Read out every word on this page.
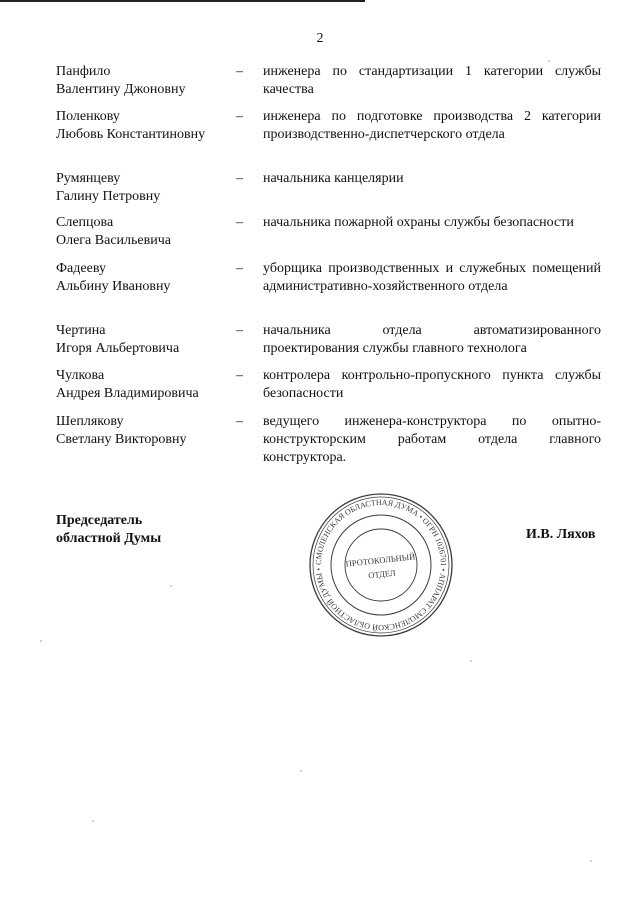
2
Панфило
Валентину Джоновну
– инженера по стандартизации 1 категории службы качества
Поленкову
Любовь Константиновну
– инженера по подготовке производства 2 категории производственно-диспетчерского отдела
Румянцеву
Галину Петровну
– начальника канцелярии
Слепцова
Олега Васильевича
– начальника пожарной охраны службы безопасности
Фадееву
Альбину Ивановну
– уборщика производственных и служебных помещений административно-хозяйственного отдела
Чертина
Игоря Альбертовича
– начальника отдела автоматизированного проектирования службы главного технолога
Чулкова
Андрея Владимировича
– контролера контрольно-пропускного пункта службы безопасности
Шеплякову
Светлану Викторовну
– ведущего инженера-конструктора по опытно-конструкторским работам отдела главного конструктора.
Председатель
областной Думы
СМОЛЕНСКАЯ ОБЛАСТНАЯ ДУМА • ОГРН 1026701 • АППАРАТ СМОЛЕНСКОЙ ОБЛАСТНОЙ ДУМЫ •
ПРОТОКОЛЬНЫЙ
ОТДЕЛ
И.В. Ляхов
